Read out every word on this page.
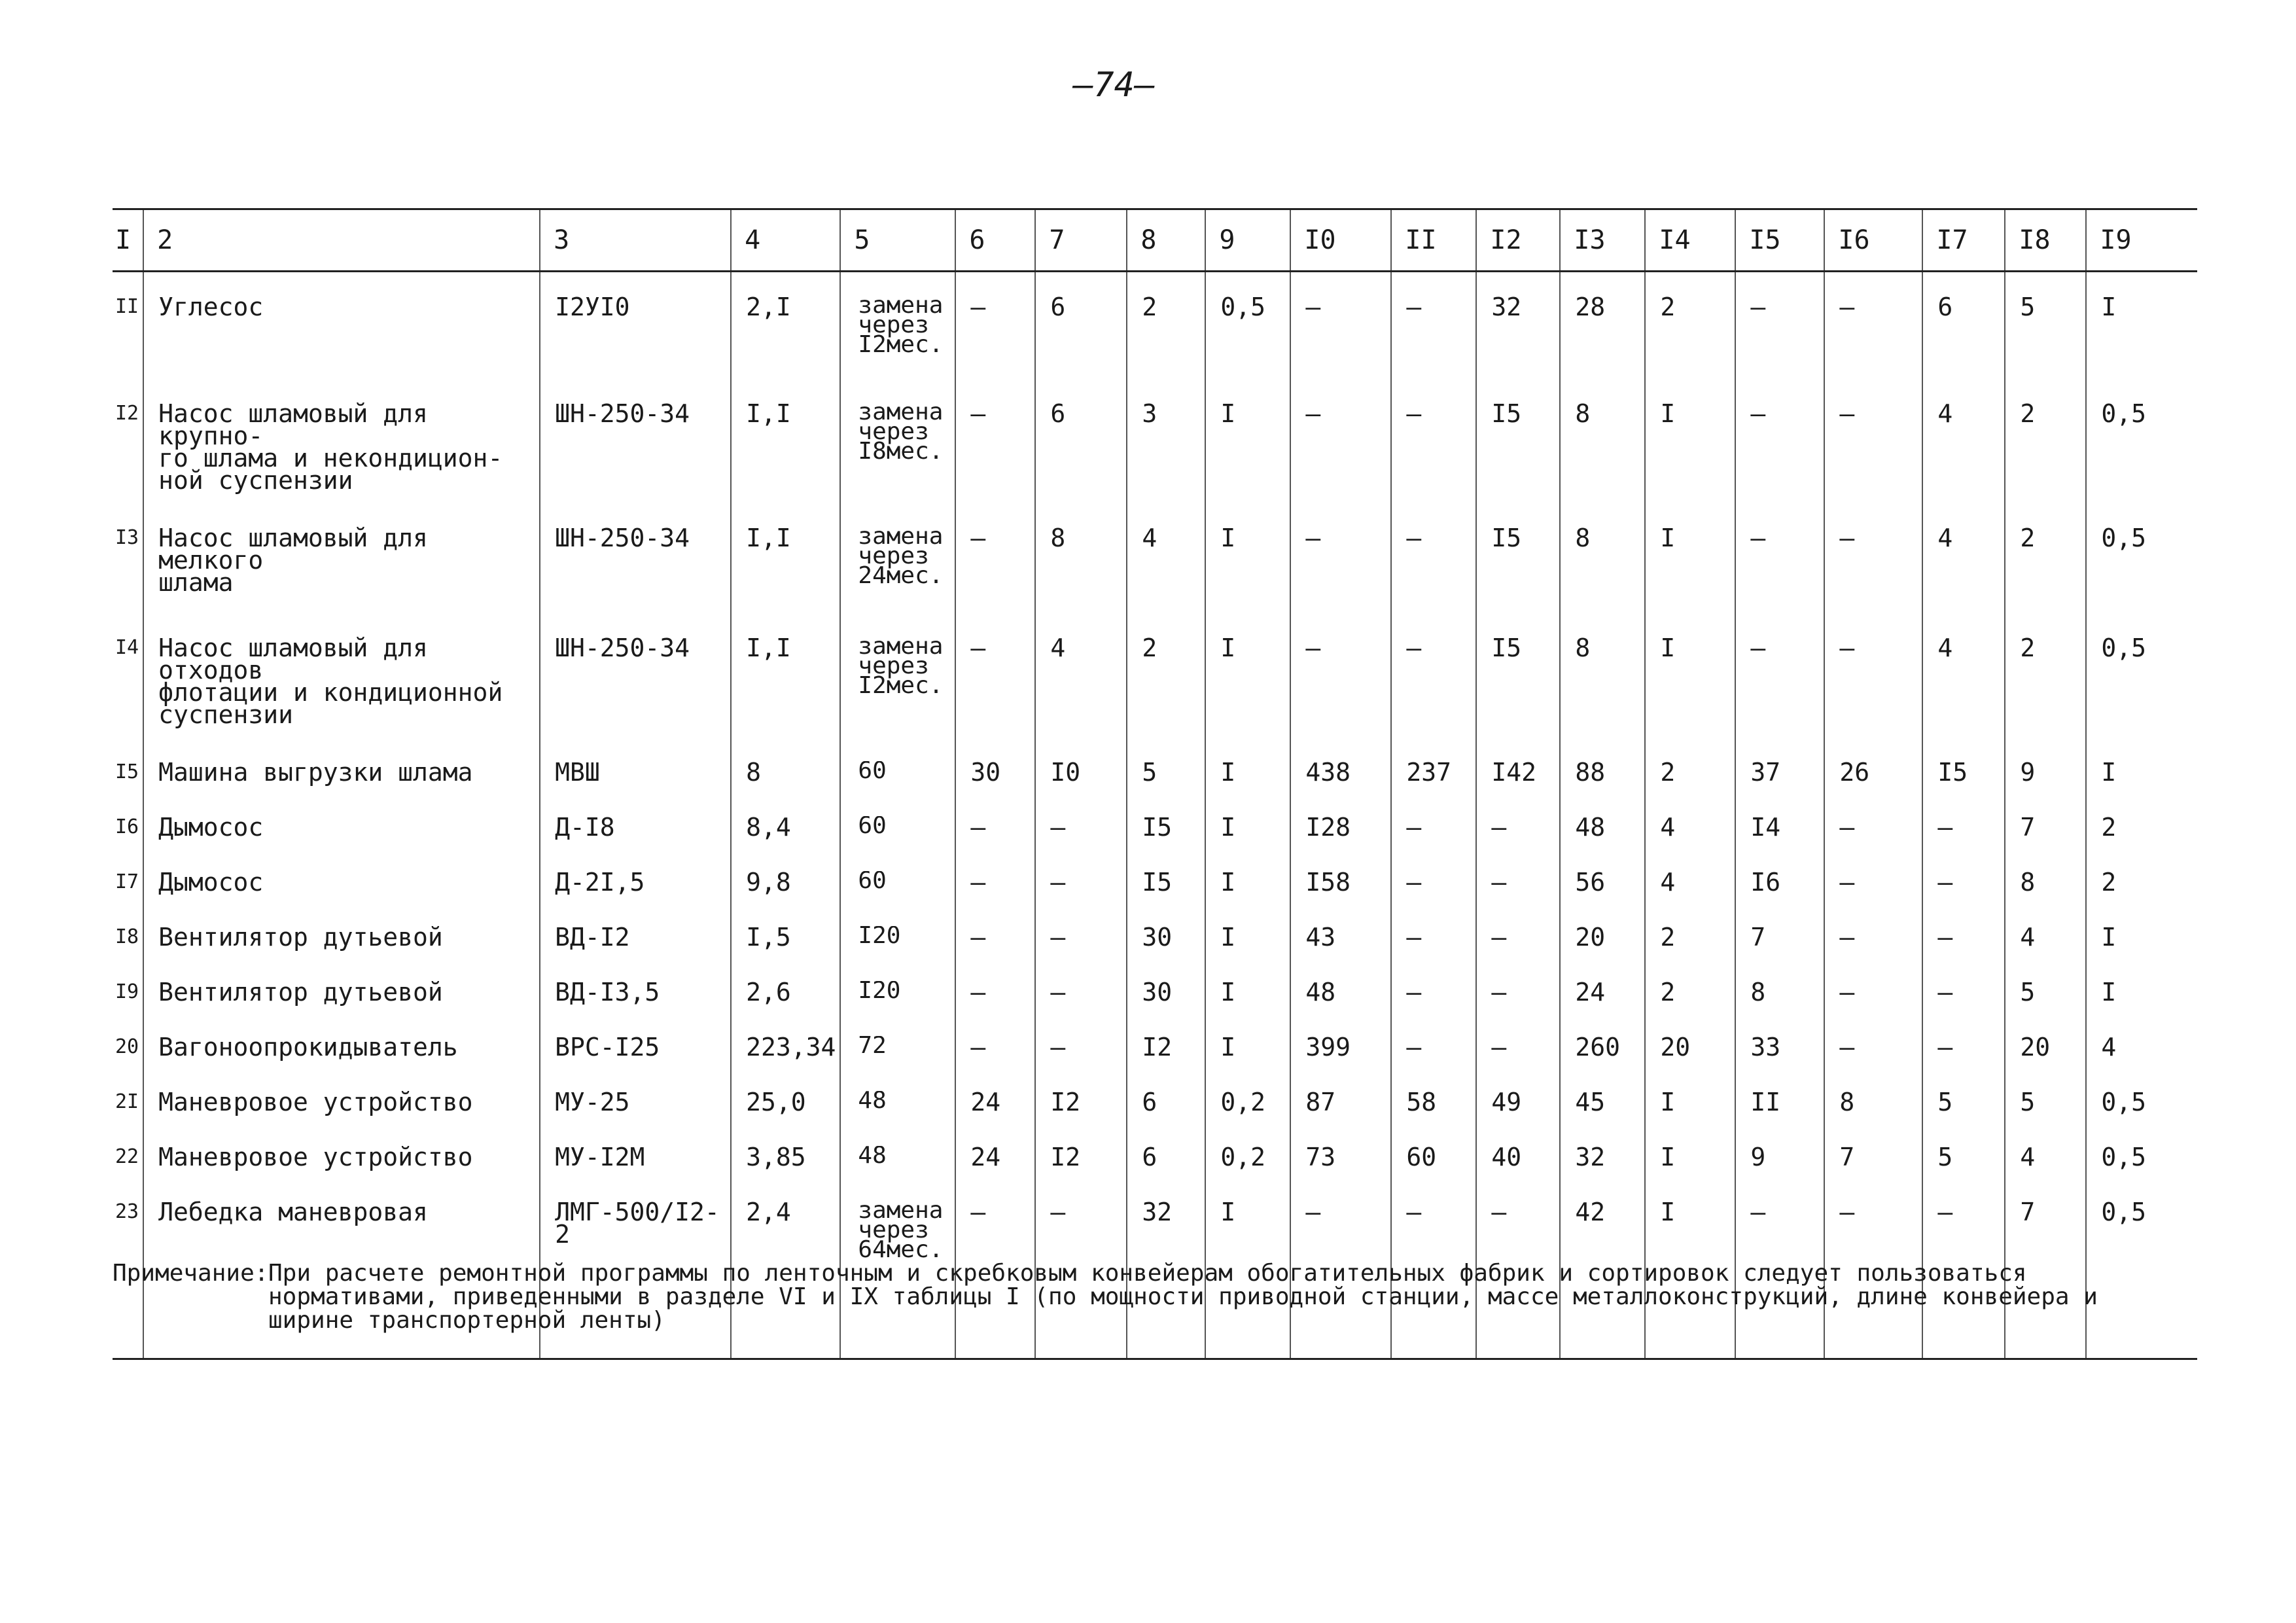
—74—
I	2	3	4	5	6	7	8	9	I0	II	I2	I3	I4	I5	I6	I7	I8	I9
II	Углесос	I2УI0	2,I	замена
через
I2мес.	–	6	2	0,5	–	–	32	28	2	–	–	6	5	I
I2	Насос шламовый для крупно-
го шлама и некондицион-
ной суспензии	ШН-250-34	I,I	замена
через
I8мес.	–	6	3	I	–	–	I5	8	I	–	–	4	2	0,5
I3	Насос шламовый для мелкого
шлама	ШН-250-34	I,I	замена
через
24мес.	–	8	4	I	–	–	I5	8	I	–	–	4	2	0,5
I4	Насос шламовый для отходов
флотации и кондиционной
суспензии	ШН-250-34	I,I	замена
через
I2мес.	–	4	2	I	–	–	I5	8	I	–	–	4	2	0,5
I5	Машина выгрузки шлама	МВШ	8	60	30	I0	5	I	438	237	I42	88	2	37	26	I5	9	I
I6	Дымосос	Д-I8	8,4	60	–	–	I5	I	I28	–	–	48	4	I4	–	–	7	2
I7	Дымосос	Д-2I,5	9,8	60	–	–	I5	I	I58	–	–	56	4	I6	–	–	8	2
I8	Вентилятор дутьевой	ВД-I2	I,5	I20	–	–	30	I	43	–	–	20	2	7	–	–	4	I
I9	Вентилятор дутьевой	ВД-I3,5	2,6	I20	–	–	30	I	48	–	–	24	2	8	–	–	5	I
20	Вагоноопрокидыватель	ВРС-I25	223,34	72	–	–	I2	I	399	–	–	260	20	33	–	–	20	4
2I	Маневровое устройство	МУ-25	25,0	48	24	I2	6	0,2	87	58	49	45	I	II	8	5	5	0,5
22	Маневровое устройство	МУ-I2М	3,85	48	24	I2	6	0,2	73	60	40	32	I	9	7	5	4	0,5
23	Лебедка маневровая	ЛМГ-500/I2-2	2,4	замена
через
64мес.	–	–	32	I	–	–	–	42	I	–	–	–	7	0,5

Примечание: При расчете ремонтной программы по ленточным и скребковым конвейерам обогатительных фабрик и сортировок следует пользоваться нормативами, приведенными в разделе VI и IX таблицы I (по мощности приводной станции, массе металлоконструкций, длине конвейера и ширине транспортерной ленты)
